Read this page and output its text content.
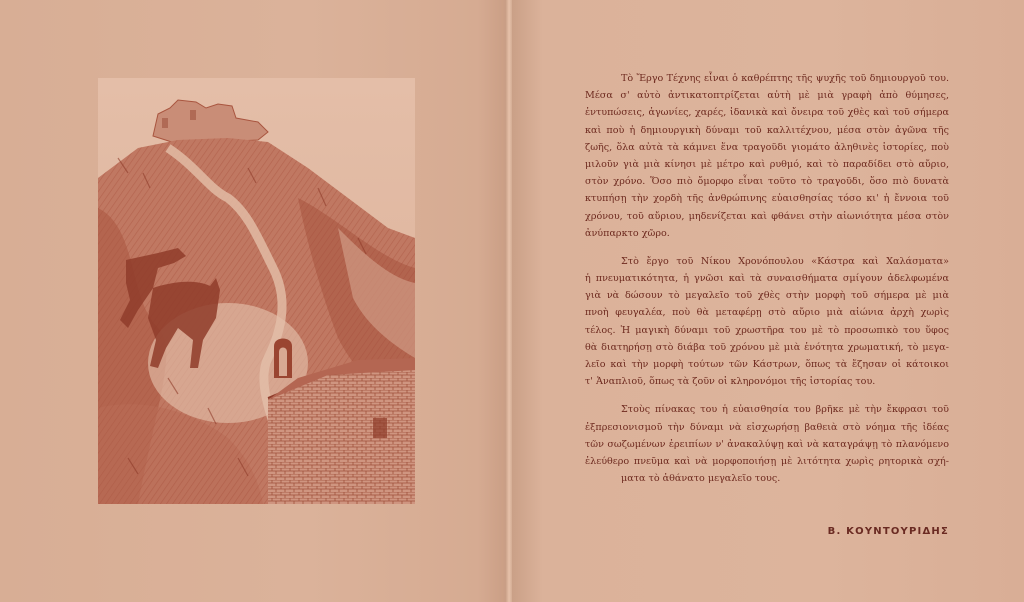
Τὸ Ἔργο Τέχνης εἶναι ὁ καθρέπτης τῆς ψυχῆς τοῦ δημιουργοῦ του.
Μέσα σ' αὐτὸ ἀντικατοπτρίζεται αὐτὴ μὲ μιὰ γραφὴ ἀπὸ θύμησες,
ἐντυπώσεις, ἀγωνίες, χαρές, ἰδανικὰ καὶ ὄνειρα τοῦ χθὲς καὶ τοῦ σήμερα
καὶ ποὺ ἡ δημιουργικὴ δύναμι τοῦ καλλιτέχνου, μέσα στὸν ἀγῶνα τῆς
ζωῆς, ὅλα αὐτὰ τὰ κάμνει ἕνα τραγοῦδι γιομάτο ἀληθινὲς ἱστορίες, ποὺ
μιλοῦν γιὰ μιὰ κίνησι μὲ μέτρο καὶ ρυθμό, καὶ τὸ παραδίδει στὸ αὔριο,
στὸν χρόνο. Ὅσο πιὸ ὄμορφο εἶναι τοῦτο τὸ τραγοῦδι, ὅσο πιὸ δυνατὰ
κτυπήσῃ τὴν χορδὴ τῆς ἀνθρώπινης εὐαισθησίας τόσο κι' ἡ ἔννοια τοῦ
χρόνου, τοῦ αὔριου, μηδενίζεται καὶ φθάνει στὴν αἰωνιότητα μέσα στὸν
ἀνύπαρκτο χῶρο.
Στὸ ἔργο τοῦ Νίκου Χρονόπουλου «Κάστρα καὶ Χαλάσματα»
ἡ πνευματικότητα, ἡ γνῶσι καὶ τὰ συναισθήματα σμίγουν ἀδελφωμένα
γιὰ νὰ δώσουν τὸ μεγαλεῖο τοῦ χθὲς στὴν μορφὴ τοῦ σήμερα μὲ μιὰ
πνοὴ φευγαλέα, ποὺ θὰ μεταφέρῃ στὸ αὔριο μιὰ αἰώνια ἀρχὴ χωρὶς
τέλος. Ἡ μαγικὴ δύναμι τοῦ χρωστῆρα του μὲ τὸ προσωπικὸ του ὕφος
θὰ διατηρήσῃ στὸ διάβα τοῦ χρόνου μὲ μιὰ ἑνότητα χρωματική, τὸ μεγα-
λεῖο καὶ τὴν μορφὴ τούτων τῶν Κάστρων, ὅπως τὰ ἔζησαν οἱ κάτοικοι
τ' Ἀναπλιοῦ, ὅπως τὰ ζοῦν οἱ κληρονόμοι τῆς ἱστορίας του.
Στοὺς πίνακας του ἡ εὐαισθησία του βρῆκε μὲ τὴν ἔκφρασι τοῦ
ἐξπρεσιονισμοῦ τὴν δύναμι νὰ εἰσχωρήσῃ βαθειὰ στὸ νόημα τῆς ἰδέας
τῶν σωζωμένων ἐρειπίων ν' ἀνακαλύψῃ καὶ νὰ καταγράψῃ τὸ πλανόμενο
ἐλεύθερο πνεῦμα καὶ νὰ μορφοποιήσῃ μὲ λιτότητα χωρὶς ρητορικὰ σχή-
ματα τὸ ἀθάνατο μεγαλεῖο τους.
Β. ΚΟΥΝΤΟΥΡΙΔΗΣ
